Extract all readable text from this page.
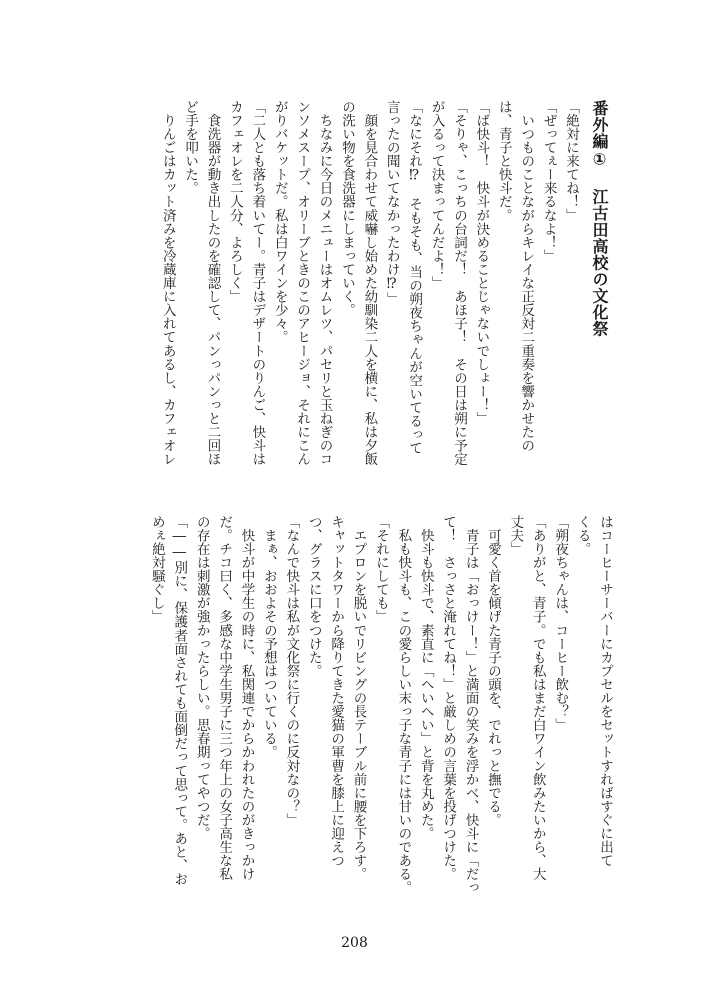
番外編① 江古田高校の文化祭
「絶対に来てね！」
「ぜってぇー来るなよ！」
　いつものことながらキレイな正反対二重奏を響かせたの
は、青子と快斗だ。
「ば快斗！　快斗が決めることじゃないでしょー！」
「そりゃ、こっちの台詞だ！　あほ子！　その日は朔に予定
が入るって決まってんだよ！」
「なにそれ⁉　そもそも、当の朔夜ちゃんが空いてるって
言ったの聞いてなかったわけ⁉」
　顔を見合わせて威嚇し始めた幼馴染二人を横に、私は夕飯
の洗い物を食洗器にしまっていく。
　ちなみに今日のメニューはオムレツ、パセリと玉ねぎのコ
ンソメスープ、オリーブときのこのアヒージョ、それにこん
がりバケットだ。私は白ワインを少々。
「二人とも落ち着いてー。青子はデザートのりんご、快斗は
カフェオレを二人分、よろしく」
　食洗器が動き出したのを確認して、パンっパンっと二回ほ
ど手を叩いた。
　りんごはカット済みを冷蔵庫に入れてあるし、カフェオレ
はコーヒーサーバーにカプセルをセットすればすぐに出て
くる。
「朔夜ちゃんは、コーヒー飲む？」
「ありがと、青子。でも私はまだ白ワイン飲みたいから、大
丈夫」
　可愛く首を傾げた青子の頭を、でれっと撫でる。
　青子は「おっけー！」と満面の笑みを浮かべ、快斗に「だっ
て！　さっさと淹れてね！」と厳しめの言葉を投げつけた。
　快斗も快斗で、素直に「へいへい」と背を丸めた。
　私も快斗も、この愛らしい末っ子な青子には甘いのである。
「それにしても」
　エプロンを脱いでリビングの長テーブル前に腰を下ろす。
キャットタワーから降りてきた愛猫の軍曹を膝上に迎えつ
つ、グラスに口をつけた。
「なんで快斗は私が文化祭に行くのに反対なの？」
　まぁ、おおよその予想はついている。
　快斗が中学生の時に、私関連でからかわれたのがきっかけ
だ。チコ曰く、多感な中学生男子に三つ年上の女子高生な私
の存在は刺激が強かったらしい。思春期ってやつだ。
「――別に、保護者面されても面倒だって思って。あと、お
めぇ絶対騒ぐし」
208
